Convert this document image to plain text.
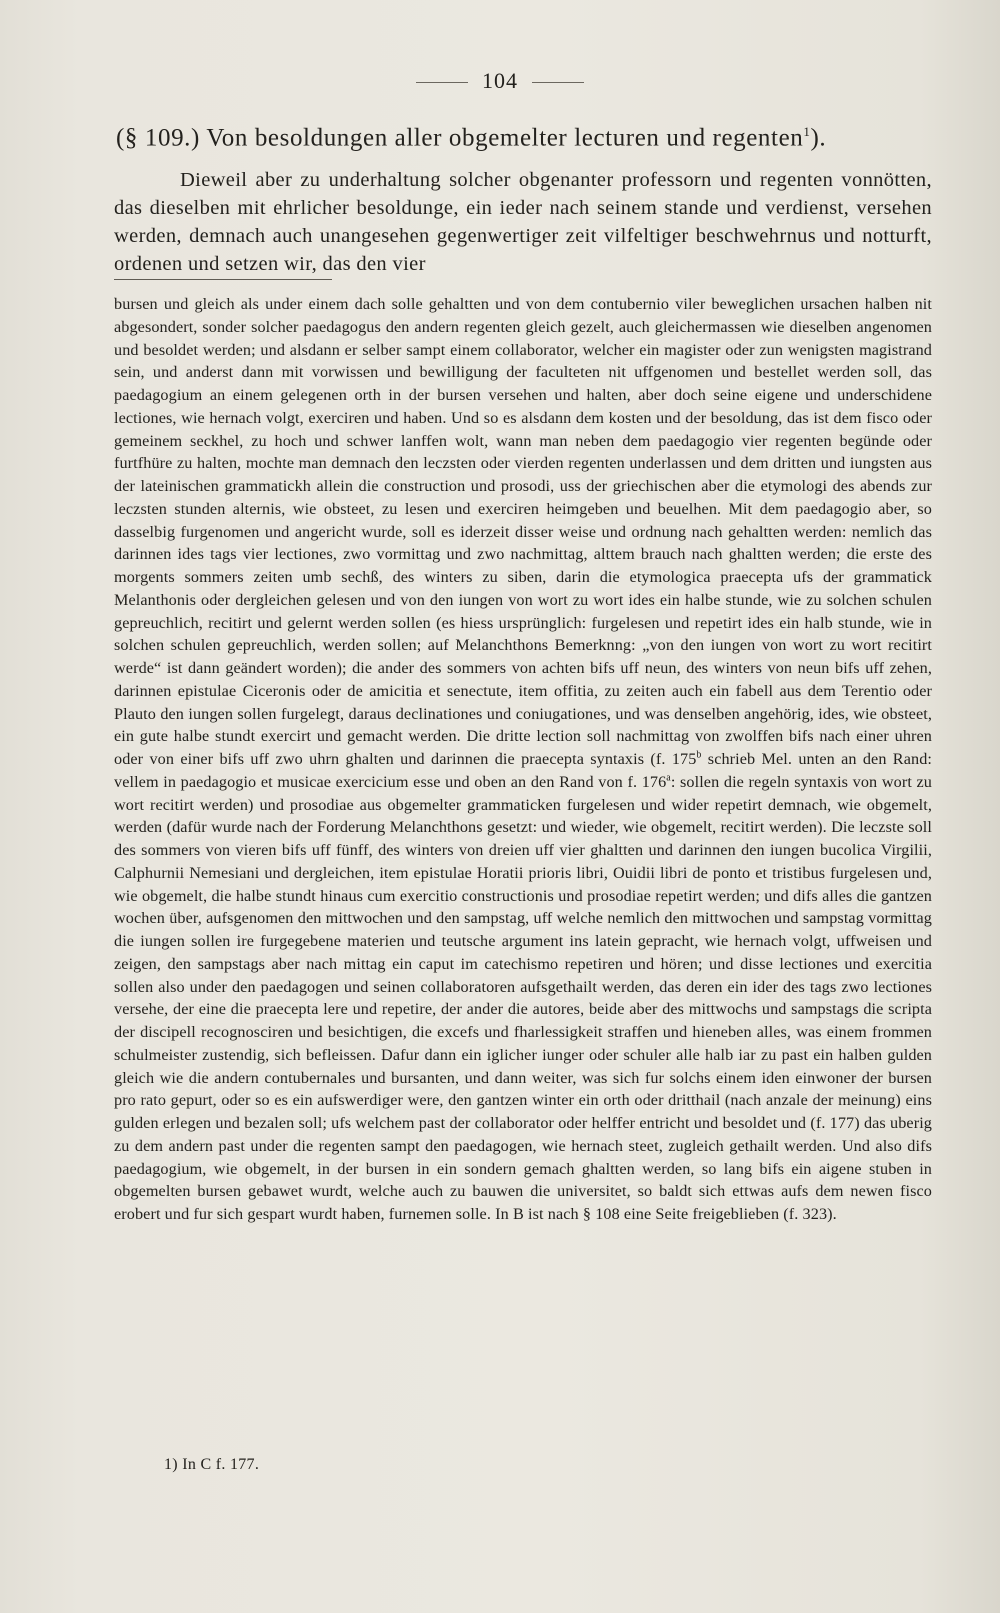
104
(§ 109.) Von besoldungen aller obgemelter lecturen und regenten$^1$).

Dieweil aber zu underhaltung solcher obgenanter professorn und regenten vonnötten, das dieselben mit ehrlicher besoldunge, ein ieder nach seinem stande und verdienst, versehen werden, demnach auch unangesehen gegenwertiger zeit vilfeltiger beschwehrnus und notturft, ordenen und setzen wir, das den vier

bursen und gleich als under einem dach solle gehaltten und von dem contubernio viler beweglichen ursachen halben nit abgesondert, sonder solcher paedagogus den andern regenten gleich gezelt, auch gleichermassen wie dieselben angenomen und besoldet werden; und alsdann er selber sampt einem collaborator, welcher ein magister oder zun wenigsten magistrand sein, und anderst dann mit vorwissen und bewilligung der faculteten nit uffgenomen und bestellet werden soll, das paedagogium an einem gelegenen orth in der bursen versehen und halten, aber doch seine eigene und underschidene lectiones, wie hernach volgt, exerciren und haben. Und so es alsdann dem kosten und der besoldung, das ist dem fisco oder gemeinem seckhel, zu hoch und schwer lanffen wolt, wann man neben dem paedagogio vier regenten begünde oder furtfhüre zu halten, mochte man demnach den leczsten oder vierden regenten underlassen und dem dritten und iungsten aus der lateinischen grammatickh allein die construction und prosodi, uss der griechischen aber die etymologi des abends zur leczsten stunden alternis, wie obsteet, zu lesen und exerciren heimgeben und beuelhen. Mit dem paedagogio aber, so dasselbig furgenomen und angericht wurde, soll es iderzeit disser weise und ordnung nach gehaltten werden: nemlich das darinnen ides tags vier lectiones, zwo vormittag und zwo nachmittag, alttem brauch nach ghaltten werden; die erste des morgents sommers zeiten umb sechß, des winters zu siben, darin die etymologica praecepta ufs der grammatick Melanthonis oder dergleichen gelesen und von den iungen von wort zu wort ides ein halbe stunde, wie zu solchen schulen gepreuchlich, recitirt und gelernt werden sollen (es hiess ursprünglich: furgelesen und repetirt ides ein halb stunde, wie in solchen schulen gepreuchlich, werden sollen; auf Melanchthons Bemerknng: „von den iungen von wort zu wort recitirt werde“ ist dann geändert worden); die ander des sommers von achten bifs uff neun, des winters von neun bifs uff zehen, darinnen epistulae Ciceronis oder de amicitia et senectute, item offitia, zu zeiten auch ein fabell aus dem Terentio oder Plauto den iungen sollen furgelegt, daraus declinationes und coniugationes, und was denselben angehörig, ides, wie obsteet, ein gute halbe stundt exercirt und gemacht werden. Die dritte lection soll nachmittag von zwolffen bifs nach einer uhren oder von einer bifs uff zwo uhrn ghalten und darinnen die praecepta syntaxis (f. 175$^b$ schrieb Mel. unten an den Rand: vellem in paedagogio et musicae exercicium esse und oben an den Rand von f. 176$^a$: sollen die regeln syntaxis von wort zu wort recitirt werden) und prosodiae aus obgemelter grammaticken furgelesen und wider repetirt demnach, wie obgemelt, werden (dafür wurde nach der Forderung Melanchthons gesetzt: und wieder, wie obgemelt, recitirt werden). Die leczste soll des sommers von vieren bifs uff fünff, des winters von dreien uff vier ghaltten und darinnen den iungen bucolica Virgilii, Calphurnii Nemesiani und dergleichen, item epistulae Horatii prioris libri, Ouidii libri de ponto et tristibus furgelesen und, wie obgemelt, die halbe stundt hinaus cum exercitio constructionis und prosodiae repetirt werden; und difs alles die gantzen wochen über, aufsgenomen den mittwochen und den sampstag, uff welche nemlich den mittwochen und sampstag vormittag die iungen sollen ire furgegebene materien und teutsche argument ins latein gepracht, wie hernach volgt, uffweisen und zeigen, den sampstags aber nach mittag ein caput im catechismo repetiren und hören; und disse lectiones und exercitia sollen also under den paedagogen und seinen collaboratoren aufsgethailt werden, das deren ein ider des tags zwo lectiones versehe, der eine die praecepta lere und repetire, der ander die autores, beide aber des mittwochs und sampstags die scripta der discipell recognosciren und besichtigen, die excefs und fharlessigkeit straffen und hieneben alles, was einem frommen schulmeister zustendig, sich befleissen. Dafur dann ein iglicher iunger oder schuler alle halb iar zu past ein halben gulden gleich wie die andern contubernales und bursanten, und dann weiter, was sich fur solchs einem iden einwoner der bursen pro rato gepurt, oder so es ein aufswerdiger were, den gantzen winter ein orth oder dritthail (nach anzale der meinung) eins gulden erlegen und bezalen soll; ufs welchem past der collaborator oder helffer entricht und besoldet und (f. 177) das uberig zu dem andern past under die regenten sampt den paedagogen, wie hernach steet, zugleich gethailt werden. Und also difs paedagogium, wie obgemelt, in der bursen in ein sondern gemach ghaltten werden, so lang bifs ein aigene stuben in obgemelten bursen gebawet wurdt, welche auch zu bauwen die universitet, so baldt sich ettwas aufs dem newen fisco erobert und fur sich gespart wurdt haben, furnemen solle. In B ist nach § 108 eine Seite freigeblieben (f. 323).

1) In C f. 177.
